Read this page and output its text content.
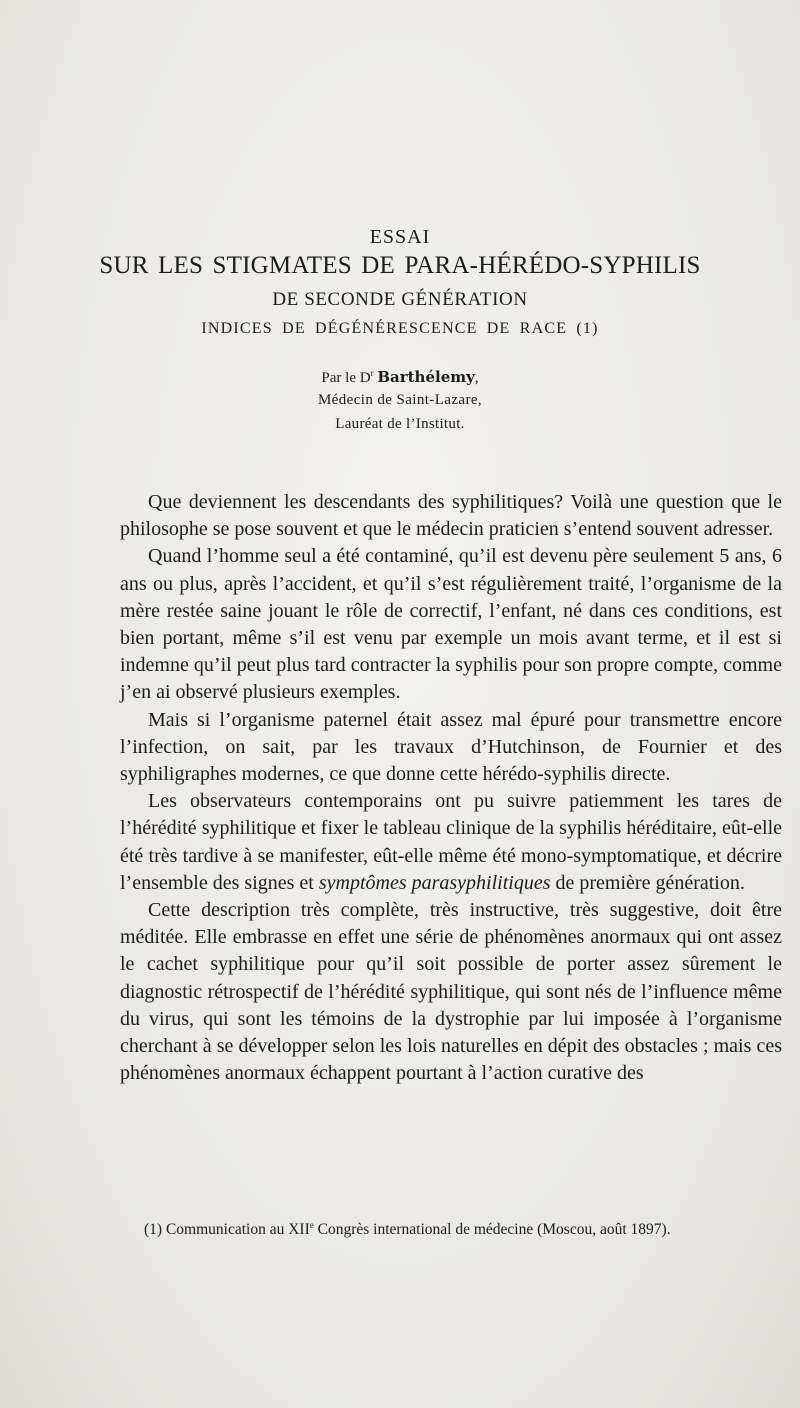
ESSAI
SUR LES STIGMATES DE PARA-HÉRÉDO-SYPHILIS
DE SECONDE GÉNÉRATION
INDICES DE DÉGÉNÉRESCENCE DE RACE (1)
Par le $D^r$ Barthélemy,
Médecin de Saint-Lazare,
Lauréat de l’Institut.

Que deviennent les descendants des syphilitiques? Voilà une question que le philosophe se pose souvent et que le médecin praticien s’entend souvent adresser.

Quand l’homme seul a été contaminé, qu’il est devenu père seulement 5 ans, 6 ans ou plus, après l’accident, et qu’il s’est régulièrement traité, l’organisme de la mère restée saine jouant le rôle de correctif, l’enfant, né dans ces conditions, est bien portant, même s’il est venu par exemple un mois avant terme, et il est si indemne qu’il peut plus tard contracter la syphilis pour son propre compte, comme j’en ai observé plusieurs exemples.

Mais si l’organisme paternel était assez mal épuré pour transmettre encore l’infection, on sait, par les travaux d’Hutchinson, de Fournier et des syphiligraphes modernes, ce que donne cette hérédo-syphilis directe.

Les observateurs contemporains ont pu suivre patiemment les tares de l’hérédité syphilitique et fixer le tableau clinique de la syphilis héréditaire, eût-elle été très tardive à se manifester, eût-elle même été mono-symptomatique, et décrire l’ensemble des signes et symptômes parasyphilitiques de première génération.

Cette description très complète, très instructive, très suggestive, doit être méditée. Elle embrasse en effet une série de phénomènes anormaux qui ont assez le cachet syphilitique pour qu’il soit possible de porter assez sûrement le diagnostic rétrospectif de l’hérédité syphilitique, qui sont nés de l’influence même du virus, qui sont les témoins de la dystrophie par lui imposée à l’organisme cherchant à se développer selon les lois naturelles en dépit des obstacles ; mais ces phénomènes anormaux échappent pourtant à l’action curative des

(1) Communication au XIIe Congrès international de médecine (Moscou, août 1897).
